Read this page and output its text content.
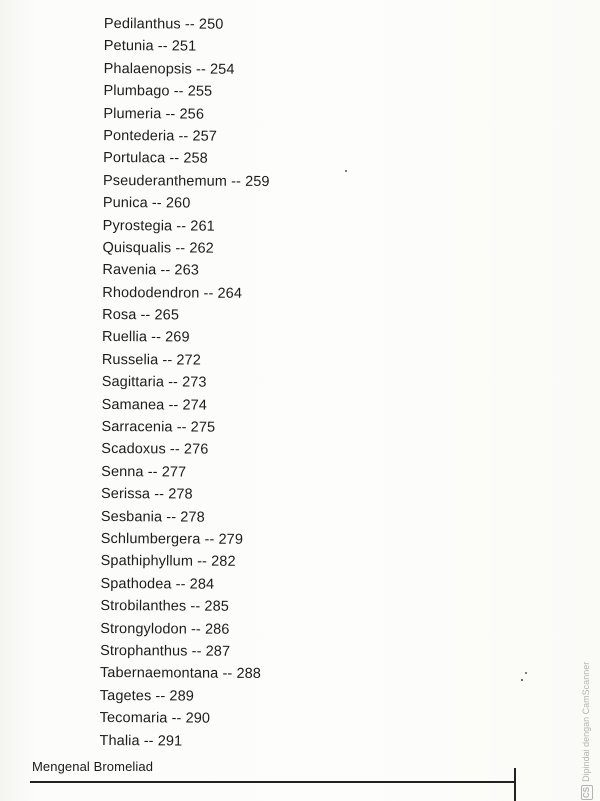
Pedilanthus -- 250
Petunia -- 251
Phalaenopsis -- 254
Plumbago -- 255
Plumeria -- 256
Pontederia -- 257
Portulaca -- 258
Pseuderanthemum -- 259
Punica -- 260
Pyrostegia -- 261
Quisqualis -- 262
Ravenia -- 263
Rhododendron -- 264
Rosa -- 265
Ruellia -- 269
Russelia -- 272
Sagittaria -- 273
Samanea -- 274
Sarracenia -- 275
Scadoxus -- 276
Senna -- 277
Serissa -- 278
Sesbania -- 278
Schlumbergera -- 279
Spathiphyllum -- 282
Spathodea -- 284
Strobilanthes -- 285
Strongylodon -- 286
Strophanthus -- 287
Tabernaemontana -- 288
Tagetes -- 289
Tecomaria -- 290
Thalia -- 291
Mengenal Bromeliad
CSDipindai dengan CamScanner
